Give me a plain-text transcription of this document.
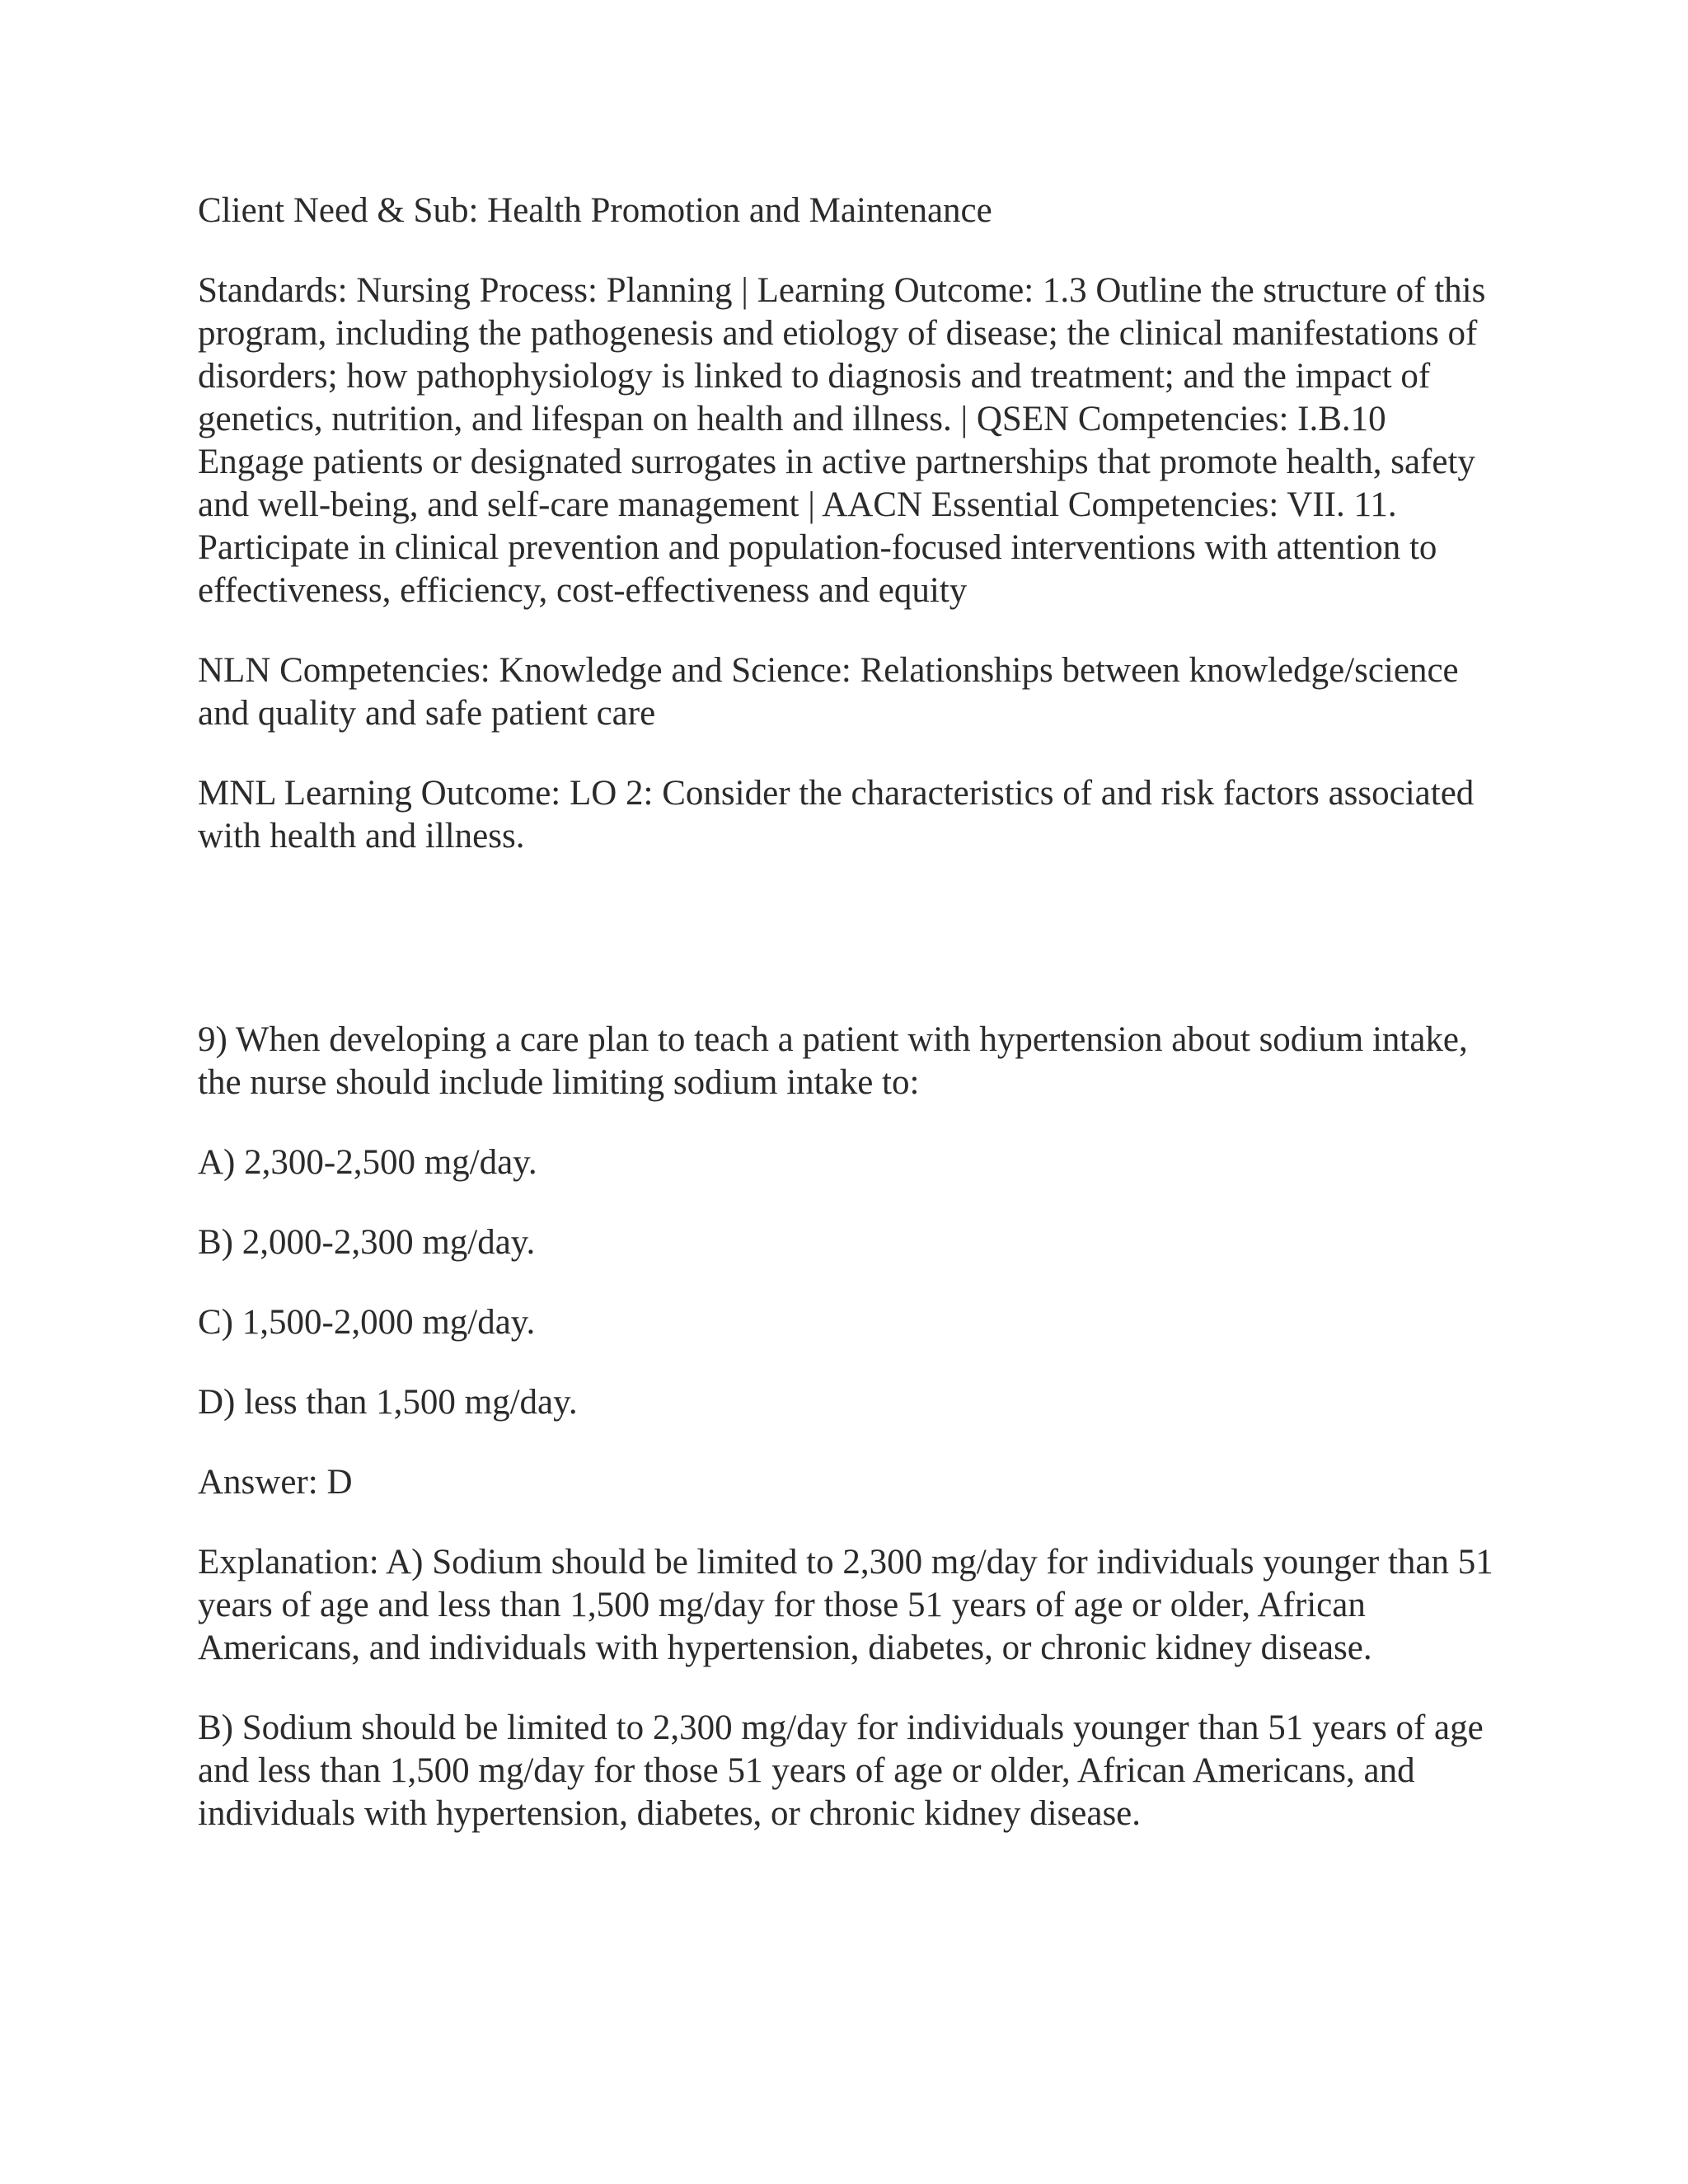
Client Need & Sub: Health Promotion and Maintenance

Standards: Nursing Process: Planning | Learning Outcome: 1.3 Outline the structure of this program, including the pathogenesis and etiology of disease; the clinical manifestations of disorders; how pathophysiology is linked to diagnosis and treatment; and the impact of genetics, nutrition, and lifespan on health and illness. | QSEN Competencies: I.B.10 Engage patients or designated surrogates in active partnerships that promote health, safety and well-being, and self-care management | AACN Essential Competencies: VII. 11. Participate in clinical prevention and population-focused interventions with attention to effectiveness, efficiency, cost-effectiveness and equity

NLN Competencies: Knowledge and Science: Relationships between knowledge/science and quality and safe patient care

MNL Learning Outcome: LO 2: Consider the characteristics of and risk factors associated with health and illness.

9) When developing a care plan to teach a patient with hypertension about sodium intake, the nurse should include limiting sodium intake to:

A) 2,300-2,500 mg/day.

B) 2,000-2,300 mg/day.

C) 1,500-2,000 mg/day.

D) less than 1,500 mg/day.

Answer: D

Explanation: A) Sodium should be limited to 2,300 mg/day for individuals younger than 51 years of age and less than 1,500 mg/day for those 51 years of age or older, African Americans, and individuals with hypertension, diabetes, or chronic kidney disease.

B) Sodium should be limited to 2,300 mg/day for individuals younger than 51 years of age and less than 1,500 mg/day for those 51 years of age or older, African Americans, and individuals with hypertension, diabetes, or chronic kidney disease.
